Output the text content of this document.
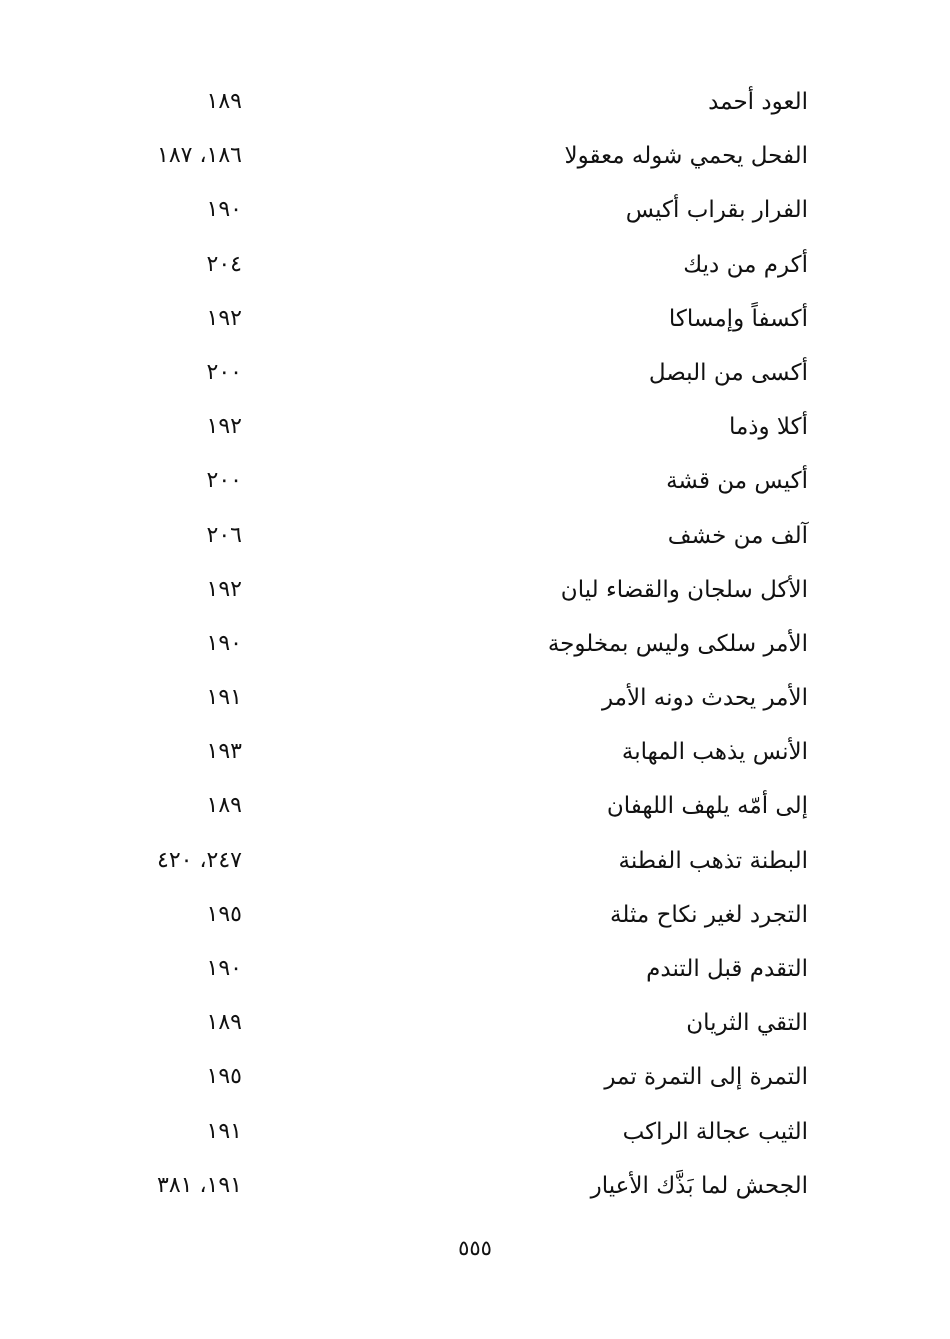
العود أحمد
١٨٩
الفحل يحمي شوله معقولا
١٨٦، ١٨٧
الفرار بقراب أكيس
١٩٠
أكرم من ديك
٢٠٤
أكسفاً وإمساكا
١٩٢
أكسى من البصل
٢٠٠
أكلا وذما
١٩٢
أكيس من قشة
٢٠٠
آلف من خشف
٢٠٦
الأكل سلجان والقضاء ليان
١٩٢
الأمر سلكى وليس بمخلوجة
١٩٠
الأمر يحدث دونه الأمر
١٩١
الأنس يذهب المهابة
١٩٣
إلى أمّه يلهف اللهفان
١٨٩
البطنة تذهب الفطنة
٢٤٧، ٤٢٠
التجرد لغير نكاح مثلة
١٩٥
التقدم قبل التندم
١٩٠
التقي الثريان
١٨٩
التمرة إلى التمرة تمر
١٩٥
الثيب عجالة الراكب
١٩١
الجحش لما بَذَّك الأعيار
١٩١، ٣٨١
٥٥٥
